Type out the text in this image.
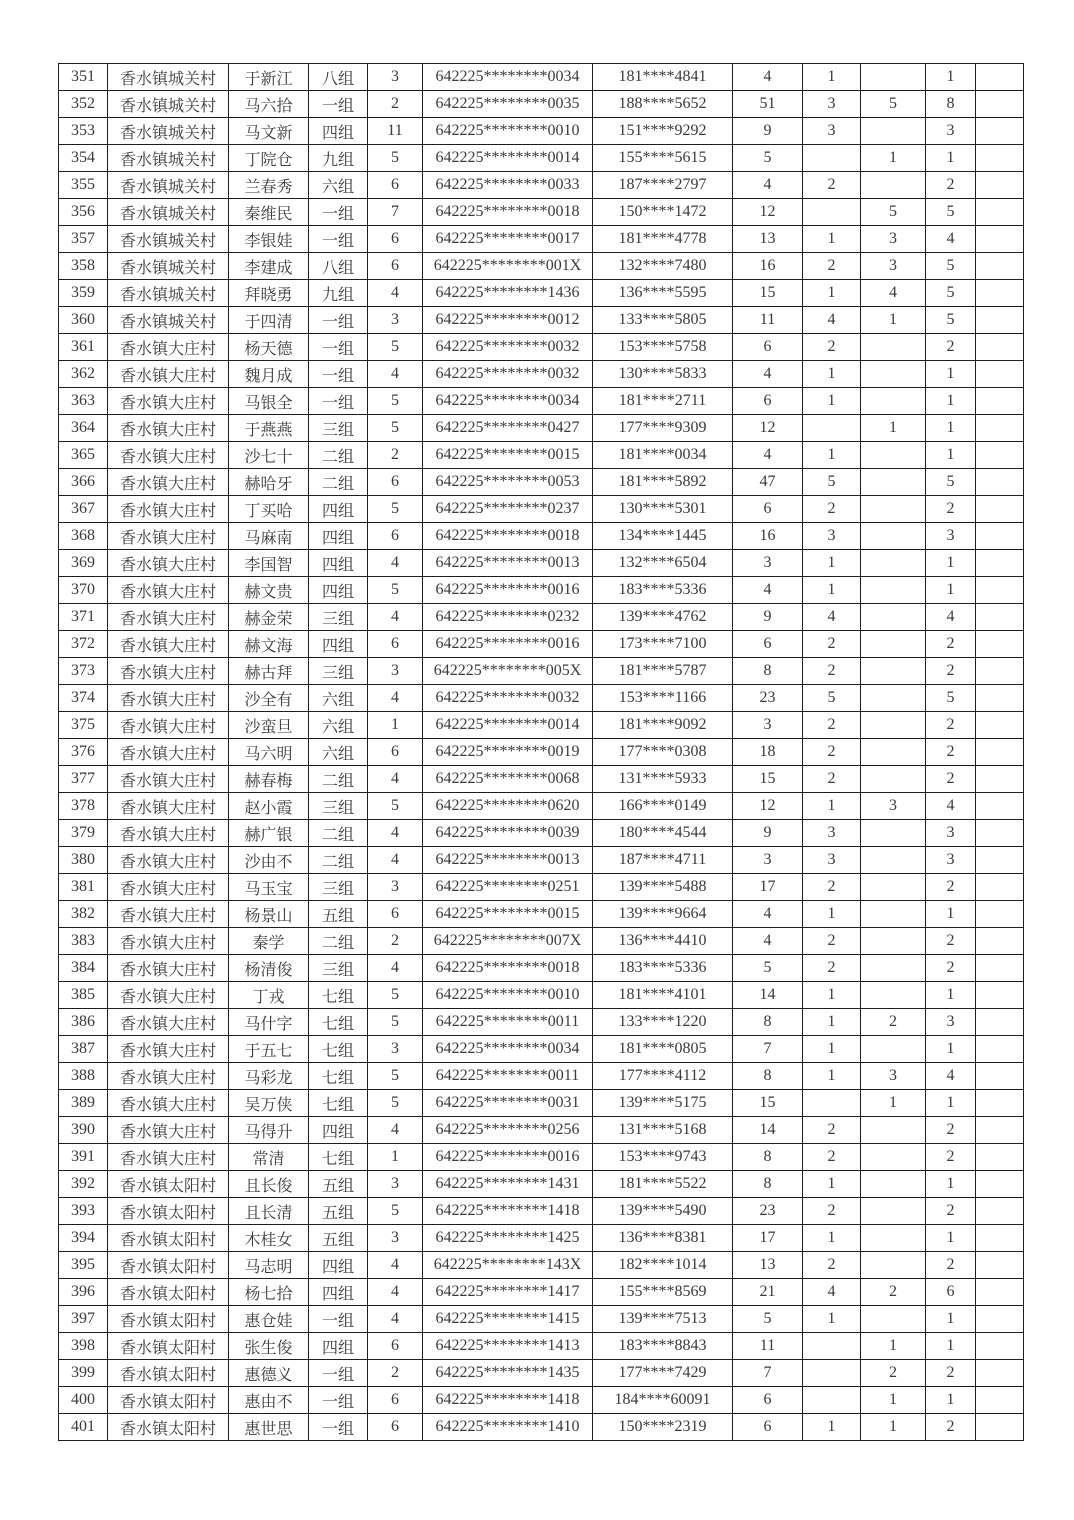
351	香水镇城关村	于新江	八组	3	642225********0034	181****4841	4	1		1	
352	香水镇城关村	马六拾	一组	2	642225********0035	188****5652	51	3	5	8	
353	香水镇城关村	马文新	四组	11	642225********0010	151****9292	9	3		3	
354	香水镇城关村	丁院仓	九组	5	642225********0014	155****5615	5		1	1	
355	香水镇城关村	兰春秀	六组	6	642225********0033	187****2797	4	2		2	
356	香水镇城关村	秦维民	一组	7	642225********0018	150****1472	12		5	5	
357	香水镇城关村	李银娃	一组	6	642225********0017	181****4778	13	1	3	4	
358	香水镇城关村	李建成	八组	6	642225********001X	132****7480	16	2	3	5	
359	香水镇城关村	拜晓勇	九组	4	642225********1436	136****5595	15	1	4	5	
360	香水镇城关村	于四清	一组	3	642225********0012	133****5805	11	4	1	5	
361	香水镇大庄村	杨天德	一组	5	642225********0032	153****5758	6	2		2	
362	香水镇大庄村	魏月成	一组	4	642225********0032	130****5833	4	1		1	
363	香水镇大庄村	马银全	一组	5	642225********0034	181****2711	6	1		1	
364	香水镇大庄村	于燕燕	三组	5	642225********0427	177****9309	12		1	1	
365	香水镇大庄村	沙七十	二组	2	642225********0015	181****0034	4	1		1	
366	香水镇大庄村	赫哈牙	二组	6	642225********0053	181****5892	47	5		5	
367	香水镇大庄村	丁买哈	四组	5	642225********0237	130****5301	6	2		2	
368	香水镇大庄村	马麻南	四组	6	642225********0018	134****1445	16	3		3	
369	香水镇大庄村	李国智	四组	4	642225********0013	132****6504	3	1		1	
370	香水镇大庄村	赫文贵	四组	5	642225********0016	183****5336	4	1		1	
371	香水镇大庄村	赫金荣	三组	4	642225********0232	139****4762	9	4		4	
372	香水镇大庄村	赫文海	四组	6	642225********0016	173****7100	6	2		2	
373	香水镇大庄村	赫古拜	三组	3	642225********005X	181****5787	8	2		2	
374	香水镇大庄村	沙全有	六组	4	642225********0032	153****1166	23	5		5	
375	香水镇大庄村	沙蛮旦	六组	1	642225********0014	181****9092	3	2		2	
376	香水镇大庄村	马六明	六组	6	642225********0019	177****0308	18	2		2	
377	香水镇大庄村	赫春梅	二组	4	642225********0068	131****5933	15	2		2	
378	香水镇大庄村	赵小霞	三组	5	642225********0620	166****0149	12	1	3	4	
379	香水镇大庄村	赫广银	二组	4	642225********0039	180****4544	9	3		3	
380	香水镇大庄村	沙由不	二组	4	642225********0013	187****4711	3	3		3	
381	香水镇大庄村	马玉宝	三组	3	642225********0251	139****5488	17	2		2	
382	香水镇大庄村	杨景山	五组	6	642225********0015	139****9664	4	1		1	
383	香水镇大庄村	秦学	二组	2	642225********007X	136****4410	4	2		2	
384	香水镇大庄村	杨清俊	三组	4	642225********0018	183****5336	5	2		2	
385	香水镇大庄村	丁戎	七组	5	642225********0010	181****4101	14	1		1	
386	香水镇大庄村	马什字	七组	5	642225********0011	133****1220	8	1	2	3	
387	香水镇大庄村	于五七	七组	3	642225********0034	181****0805	7	1		1	
388	香水镇大庄村	马彩龙	七组	5	642225********0011	177****4112	8	1	3	4	
389	香水镇大庄村	吴万侠	七组	5	642225********0031	139****5175	15		1	1	
390	香水镇大庄村	马得升	四组	4	642225********0256	131****5168	14	2		2	
391	香水镇大庄村	常清	七组	1	642225********0016	153****9743	8	2		2	
392	香水镇太阳村	且长俊	五组	3	642225********1431	181****5522	8	1		1	
393	香水镇太阳村	且长清	五组	5	642225********1418	139****5490	23	2		2	
394	香水镇太阳村	木桂女	五组	3	642225********1425	136****8381	17	1		1	
395	香水镇太阳村	马志明	四组	4	642225********143X	182****1014	13	2		2	
396	香水镇太阳村	杨七拾	四组	4	642225********1417	155****8569	21	4	2	6	
397	香水镇太阳村	惠仓娃	一组	4	642225********1415	139****7513	5	1		1	
398	香水镇太阳村	张生俊	四组	6	642225********1413	183****8843	11		1	1	
399	香水镇太阳村	惠德义	一组	2	642225********1435	177****7429	7		2	2	
400	香水镇太阳村	惠由不	一组	6	642225********1418	184****60091	6		1	1	
401	香水镇太阳村	惠世思	一组	6	642225********1410	150****2319	6	1	1	2	
